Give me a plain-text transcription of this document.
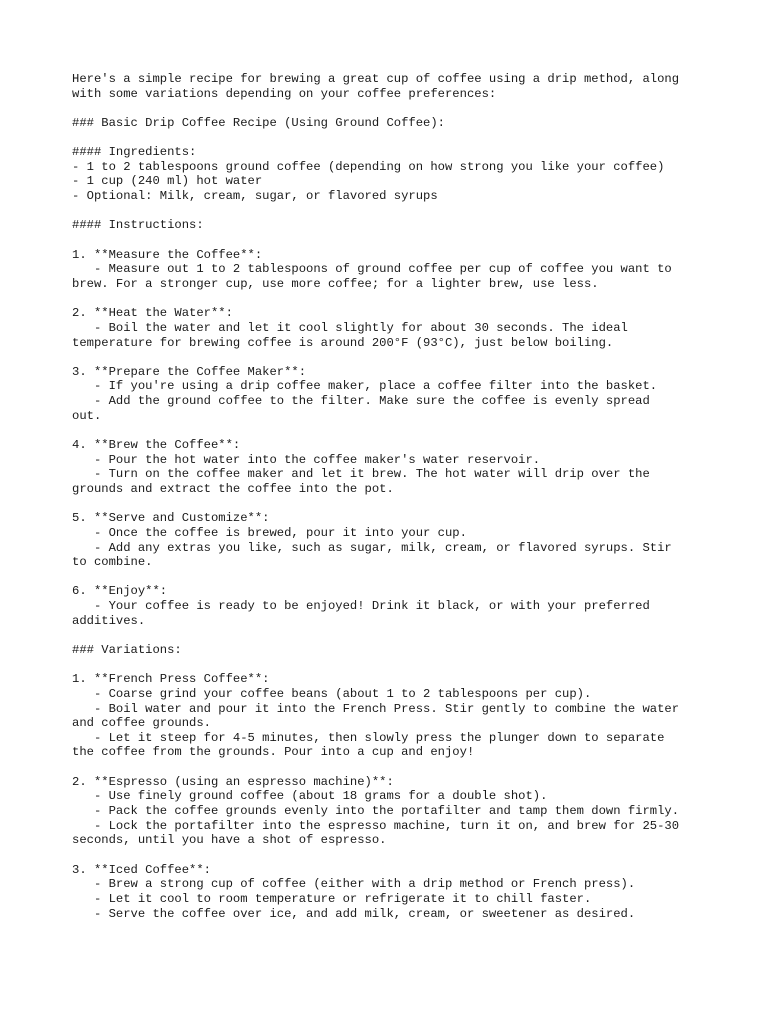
Here's a simple recipe for brewing a great cup of coffee using a drip method, along
with some variations depending on your coffee preferences:
### Basic Drip Coffee Recipe (Using Ground Coffee):
#### Ingredients:
- 1 to 2 tablespoons ground coffee (depending on how strong you like your coffee)
- 1 cup (240 ml) hot water
- Optional: Milk, cream, sugar, or flavored syrups
#### Instructions:
1. **Measure the Coffee**:
- Measure out 1 to 2 tablespoons of ground coffee per cup of coffee you want to
brew. For a stronger cup, use more coffee; for a lighter brew, use less.
2. **Heat the Water**:
- Boil the water and let it cool slightly for about 30 seconds. The ideal
temperature for brewing coffee is around 200°F (93°C), just below boiling.
3. **Prepare the Coffee Maker**:
- If you're using a drip coffee maker, place a coffee filter into the basket.
- Add the ground coffee to the filter. Make sure the coffee is evenly spread
out.
4. **Brew the Coffee**:
- Pour the hot water into the coffee maker's water reservoir.
- Turn on the coffee maker and let it brew. The hot water will drip over the
grounds and extract the coffee into the pot.
5. **Serve and Customize**:
- Once the coffee is brewed, pour it into your cup.
- Add any extras you like, such as sugar, milk, cream, or flavored syrups. Stir
to combine.
6. **Enjoy**:
- Your coffee is ready to be enjoyed! Drink it black, or with your preferred
additives.
### Variations:
1. **French Press Coffee**:
- Coarse grind your coffee beans (about 1 to 2 tablespoons per cup).
- Boil water and pour it into the French Press. Stir gently to combine the water
and coffee grounds.
- Let it steep for 4-5 minutes, then slowly press the plunger down to separate
the coffee from the grounds. Pour into a cup and enjoy!
2. **Espresso (using an espresso machine)**:
- Use finely ground coffee (about 18 grams for a double shot).
- Pack the coffee grounds evenly into the portafilter and tamp them down firmly.
- Lock the portafilter into the espresso machine, turn it on, and brew for 25-30
seconds, until you have a shot of espresso.
3. **Iced Coffee**:
- Brew a strong cup of coffee (either with a drip method or French press).
- Let it cool to room temperature or refrigerate it to chill faster.
- Serve the coffee over ice, and add milk, cream, or sweetener as desired.
